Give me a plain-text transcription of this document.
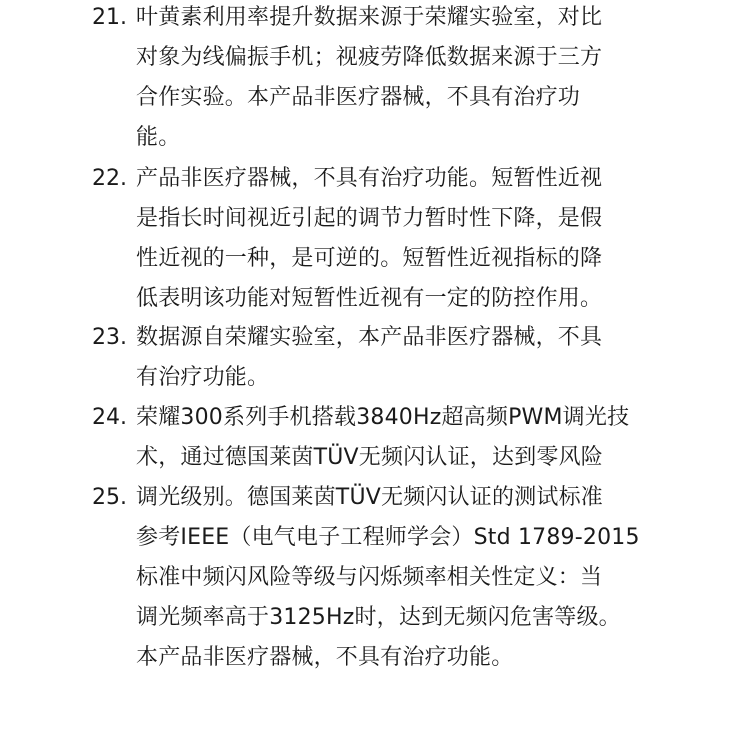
21. 叶黄素利用率提升数据来源于荣耀实验室，对比
对象为线偏振手机；视疲劳降低数据来源于三方
合作实验。本产品非医疗器械，不具有治疗功
能。
22. 产品非医疗器械，不具有治疗功能。短暂性近视
是指长时间视近引起的调节力暂时性下降，是假
性近视的一种，是可逆的。短暂性近视指标的降
低表明该功能对短暂性近视有一定的防控作用。
23. 数据源自荣耀实验室，本产品非医疗器械，不具
有治疗功能。
24. 荣耀300系列手机搭载3840Hz超高频PWM调光技
术，通过德国莱茵TÜV无频闪认证，达到零风险
25. 调光级别。德国莱茵TÜV无频闪认证的测试标准
参考IEEE（电气电子工程师学会）Std 1789-2015
标准中频闪风险等级与闪烁频率相关性定义：当
调光频率高于3125Hz时，达到无频闪危害等级。
本产品非医疗器械，不具有治疗功能。
